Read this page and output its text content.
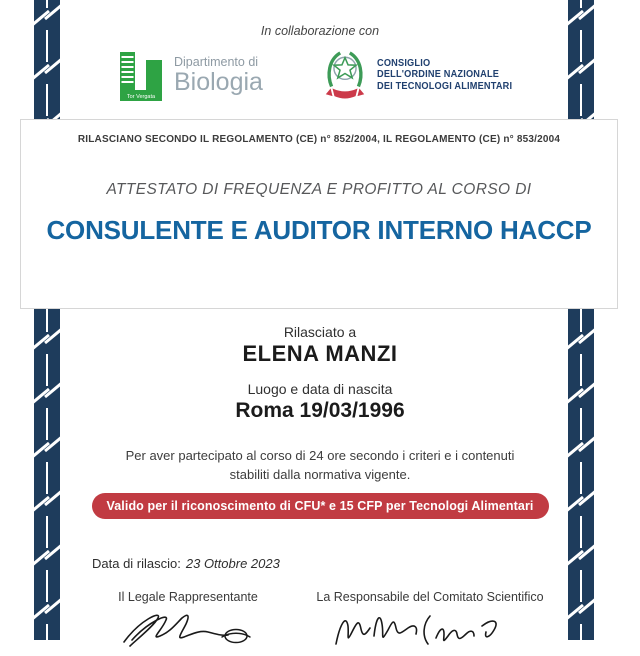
In collaborazione con
Tor Vergata
Dipartimento di
Biologia
CONSIGLIO
DELL'ORDINE NAZIONALE
DEI TECNOLOGI ALIMENTARI
RILASCIANO SECONDO IL REGOLAMENTO (CE) n° 852/2004, IL REGOLAMENTO (CE) n° 853/2004
ATTESTATO DI FREQUENZA E PROFITTO AL CORSO DI
CONSULENTE E AUDITOR INTERNO HACCP
Rilasciato a
ELENA MANZI
Luogo e data di nascita
Roma 19/03/1996
Per aver partecipato al corso di 24 ore secondo i criteri e i contenuti
stabiliti dalla normativa vigente.
Valido per il riconoscimento di CFU* e 15 CFP per Tecnologi Alimentari
Data di rilascio: 23 Ottobre 2023
Il Legale Rappresentante	La Responsabile del Comitato Scientifico
